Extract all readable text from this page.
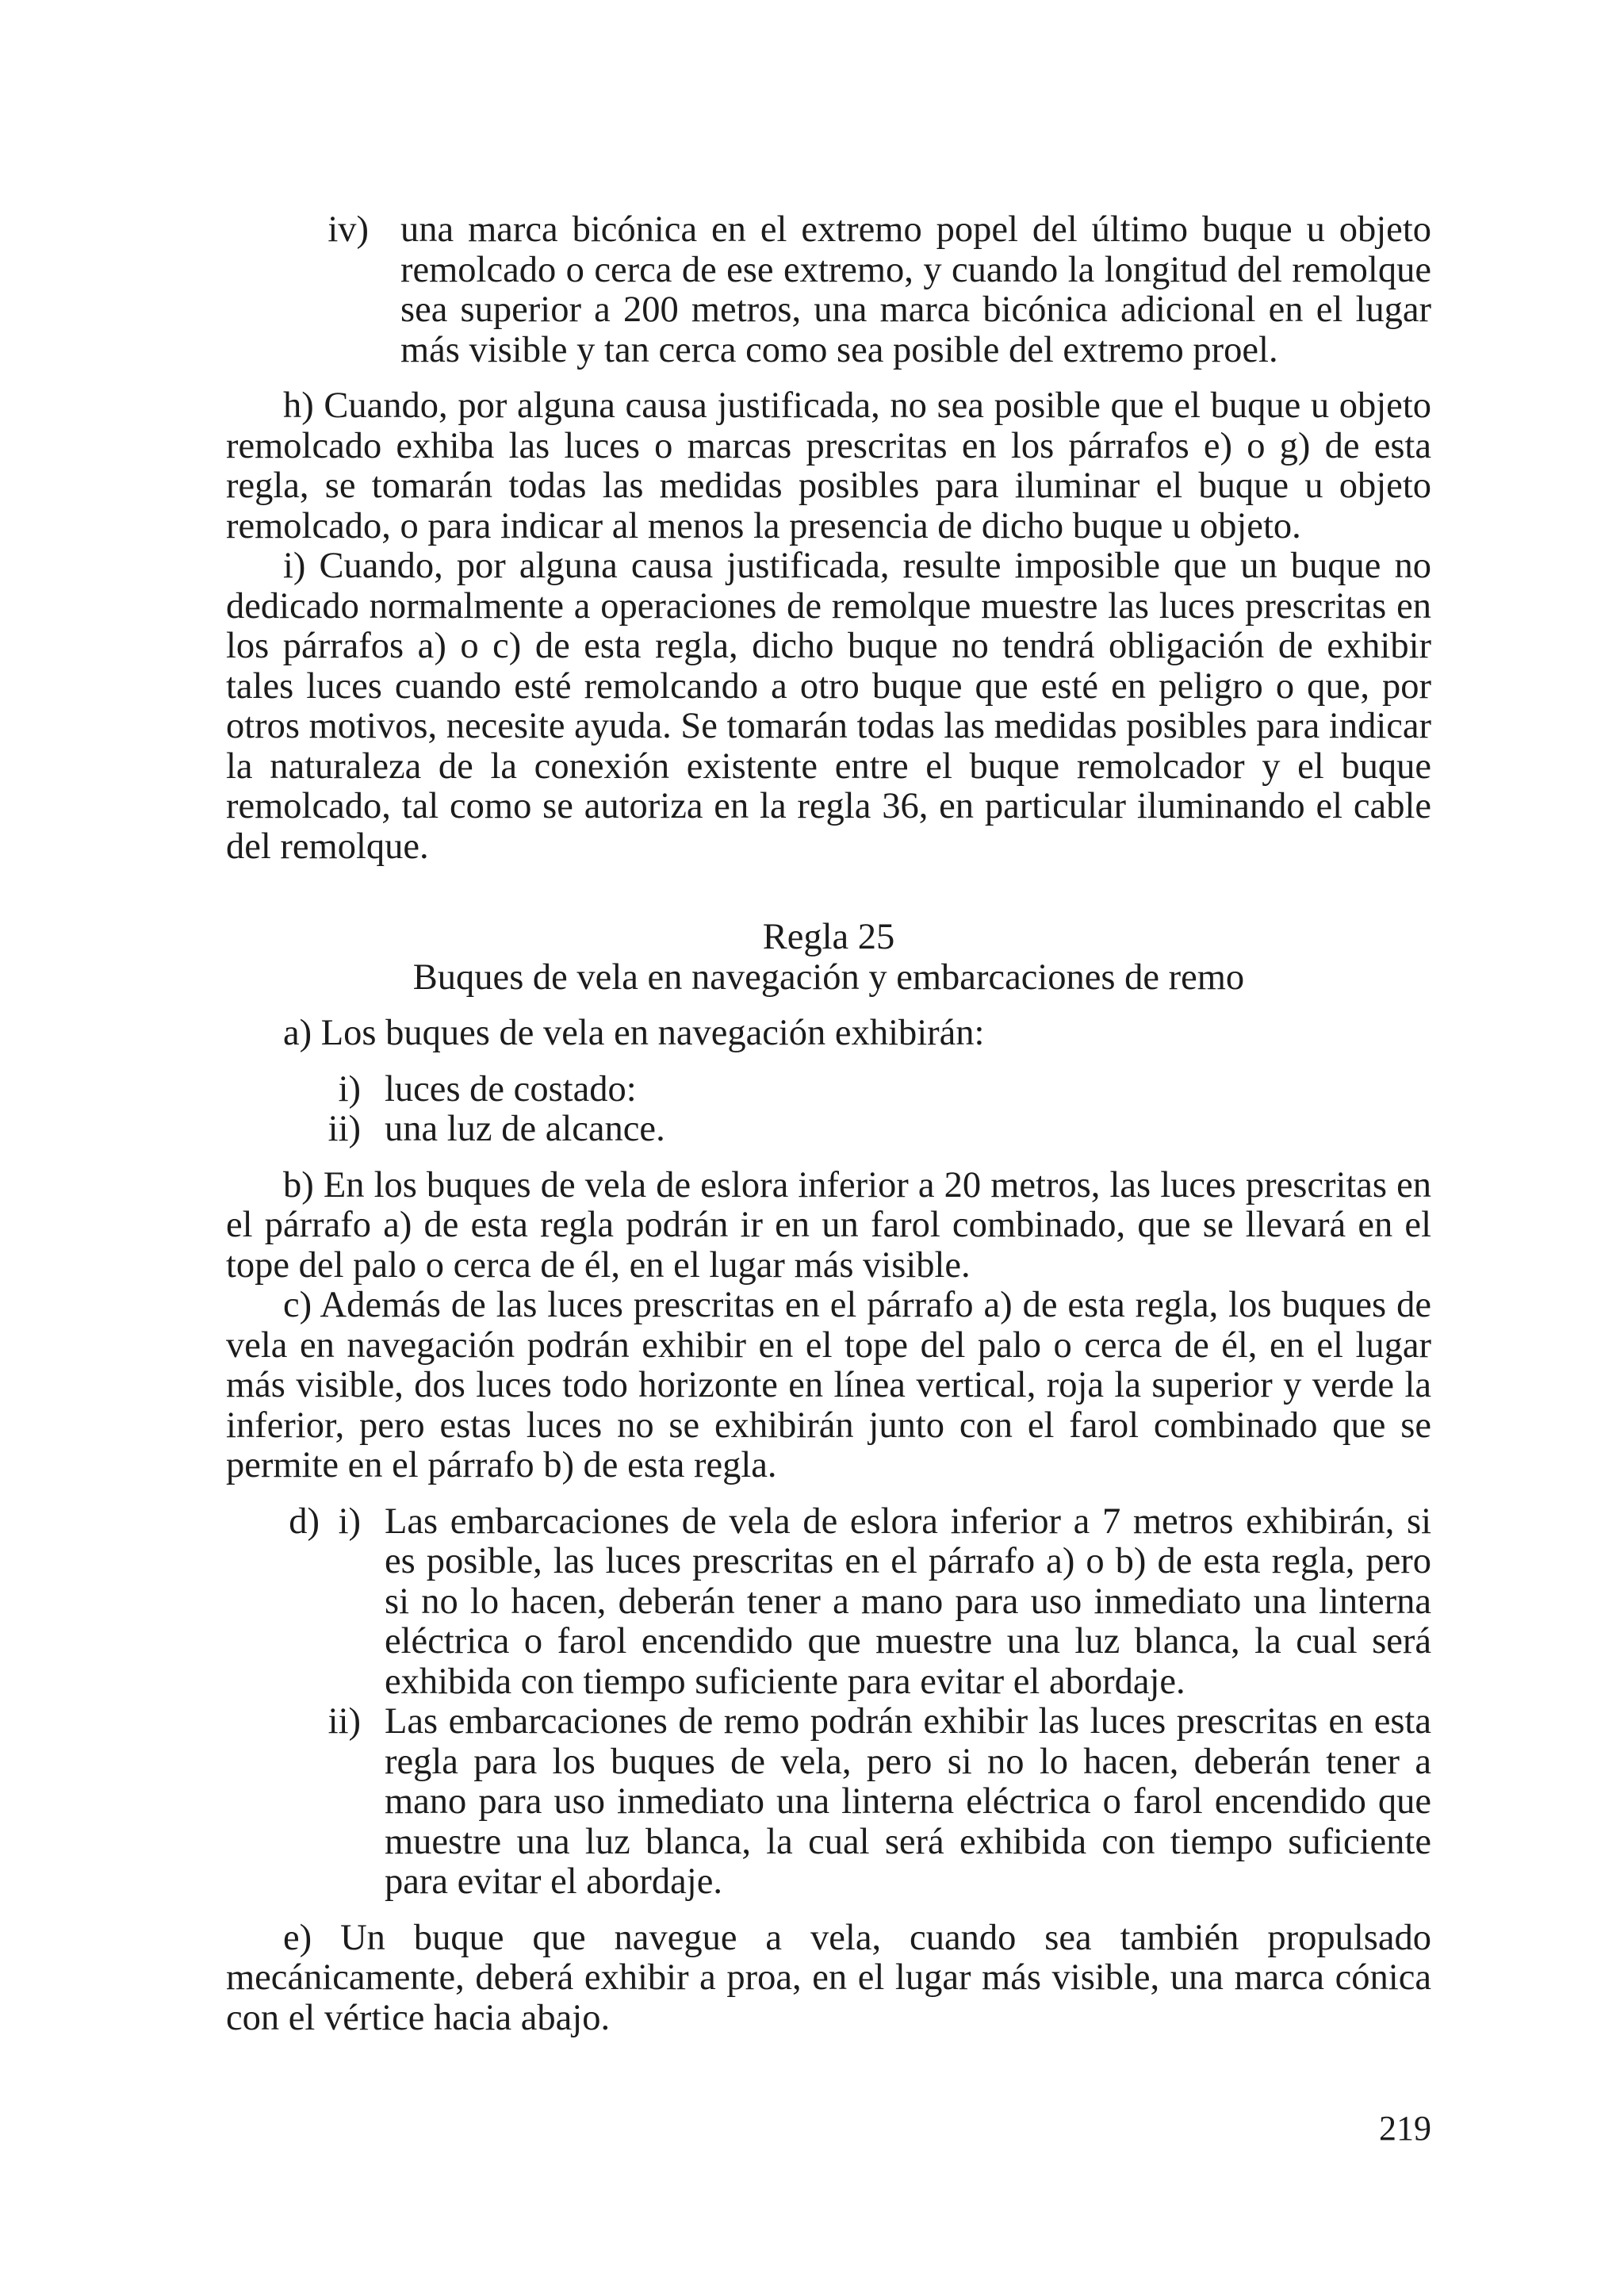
iv) una marca bicónica en el extremo popel del último buque u objeto remolcado o cerca de ese extremo, y cuando la longitud del remolque sea superior a 200 metros, una marca bicónica adicional en el lugar más visible y tan cerca como sea posible del extremo proel.

h) Cuando, por alguna causa justificada, no sea posible que el buque u objeto remolcado exhiba las luces o marcas prescritas en los párrafos e) o g) de esta regla, se tomarán todas las medidas posibles para iluminar el buque u objeto remolcado, o para indicar al menos la presencia de dicho buque u objeto.

i) Cuando, por alguna causa justificada, resulte imposible que un buque no dedicado normalmente a operaciones de remolque muestre las luces prescritas en los párrafos a) o c) de esta regla, dicho buque no tendrá obligación de exhibir tales luces cuando esté remolcando a otro buque que esté en peligro o que, por otros motivos, necesite ayuda. Se tomarán todas las medidas posibles para indicar la naturaleza de la conexión existente entre el buque remolcador y el buque remolcado, tal como se autoriza en la regla 36, en particular iluminando el cable del remolque.

Regla 25

Buques de vela en navegación y embarcaciones de remo

a) Los buques de vela en navegación exhibirán:

i) luces de costado:
ii) una luz de alcance.

b) En los buques de vela de eslora inferior a 20 metros, las luces prescritas en el párrafo a) de esta regla podrán ir en un farol combinado, que se llevará en el tope del palo o cerca de él, en el lugar más visible.

c) Además de las luces prescritas en el párrafo a) de esta regla, los buques de vela en navegación podrán exhibir en el tope del palo o cerca de él, en el lugar más visible, dos luces todo horizonte en línea vertical, roja la superior y verde la inferior, pero estas luces no se exhibirán junto con el farol combinado que se permite en el párrafo b) de esta regla.

d) i) Las embarcaciones de vela de eslora inferior a 7 metros exhibirán, si es posible, las luces prescritas en el párrafo a) o b) de esta regla, pero si no lo hacen, deberán tener a mano para uso inmediato una linterna eléctrica o farol encendido que muestre una luz blanca, la cual será exhibida con tiempo suficiente para evitar el abordaje.
ii) Las embarcaciones de remo podrán exhibir las luces prescritas en esta regla para los buques de vela, pero si no lo hacen, deberán tener a mano para uso inmediato una linterna eléctrica o farol encendido que muestre una luz blanca, la cual será exhibida con tiempo suficiente para evitar el abordaje.

e) Un buque que navegue a vela, cuando sea también propulsado mecánicamente, deberá exhibir a proa, en el lugar más visible, una marca cónica con el vértice hacia abajo.

219
